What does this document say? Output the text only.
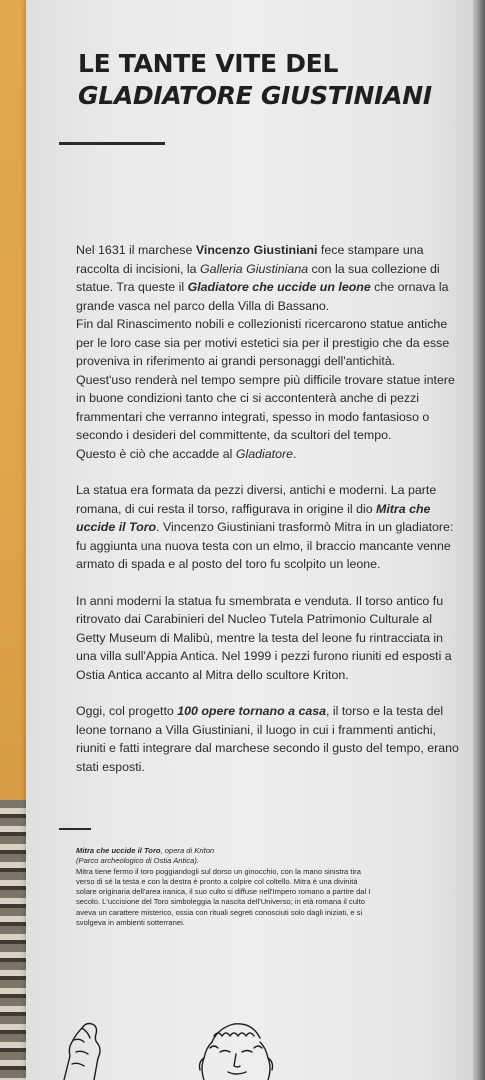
LE TANTE VITE DEL
GLADIATORE GIUSTINIANI

Nel 1631 il marchese Vincenzo Giustiniani fece stampare una raccolta di incisioni, la Galleria Giustiniana con la sua collezione di statue. Tra queste il Gladiatore che uccide un leone che ornava la grande vasca nel parco della Villa di Bassano.
Fin dal Rinascimento nobili e collezionisti ricercarono statue antiche per le loro case sia per motivi estetici sia per il prestigio che da esse proveniva in riferimento ai grandi personaggi dell'antichità.
Quest'uso renderà nel tempo sempre più difficile trovare statue intere in buone condizioni tanto che ci si accontenterà anche di pezzi frammentari che verranno integrati, spesso in modo fantasioso o secondo i desideri del committente, da scultori del tempo.
Questo è ciò che accadde al Gladiatore.

La statua era formata da pezzi diversi, antichi e moderni. La parte romana, di cui resta il torso, raffigurava in origine il dio Mitra che uccide il Toro. Vincenzo Giustiniani trasformò Mitra in un gladiatore: fu aggiunta una nuova testa con un elmo, il braccio mancante venne armato di spada e al posto del toro fu scolpito un leone.

In anni moderni la statua fu smembrata e venduta. Il torso antico fu ritrovato dai Carabinieri del Nucleo Tutela Patrimonio Culturale al Getty Museum di Malibù, mentre la testa del leone fu rintracciata in una villa sull'Appia Antica. Nel 1999 i pezzi furono riuniti ed esposti a Ostia Antica accanto al Mitra dello scultore Kriton.

Oggi, col progetto 100 opere tornano a casa, il torso e la testa del leone tornano a Villa Giustiniani, il luogo in cui i frammenti antichi, riuniti e fatti integrare dal marchese secondo il gusto del tempo, erano stati esposti.

Mitra che uccide il Toro, opera di Kriton

(Parco archeologico di Ostia Antica).

Mitra tiene fermo il toro poggiandogli sul dorso un ginocchio, con la mano sinistra tira verso di sé la testa e con la destra è pronto a colpire col coltello. Mitra è una divinità solare originaria dell'area iranica, il suo culto si diffuse nell'Impero romano a partire dal I secolo. L'uccisione del Toro simboleggia la nascita dell'Universo; in età romana il culto aveva un carattere misterico, ossia con rituali segreti conosciuti solo dagli iniziati, e si svolgeva in ambienti sotterranei.
